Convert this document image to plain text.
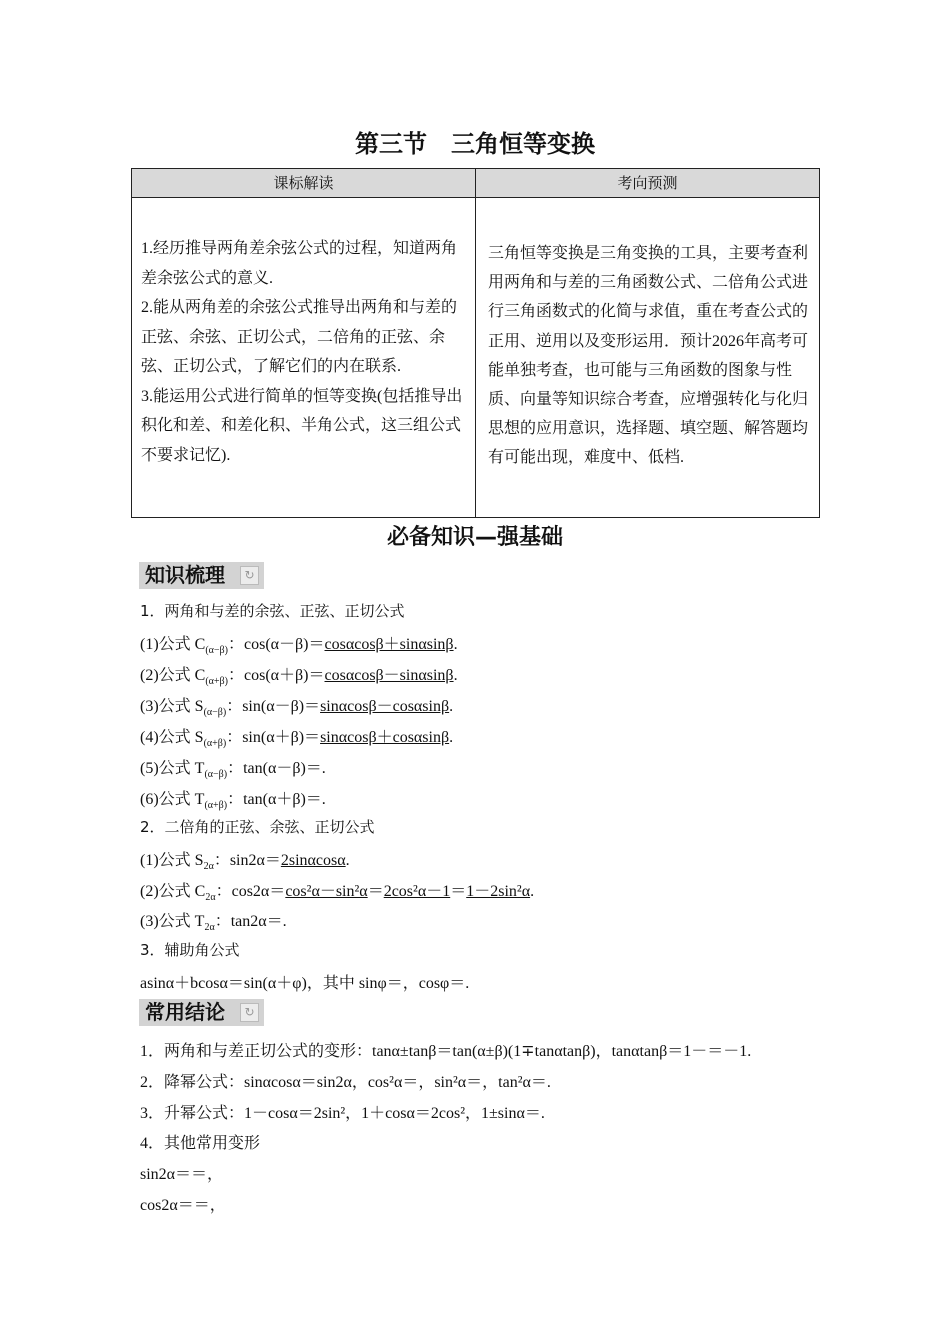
第三节　三角恒等变换
课标解读	考向预测
1.经历推导两角差余弦公式的过程，知道两角差余弦公式的意义.
2.能从两角差的余弦公式推导出两角和与差的正弦、余弦、正切公式，二倍角的正弦、余弦、正切公式，了解它们的内在联系.
3.能运用公式进行简单的恒等变换(包括推导出积化和差、和差化积、半角公式，这三组公式不要求记忆).
三角恒等变换是三角变换的工具，主要考查利用两角和与差的三角函数公式、二倍角公式进行三角函数式的化简与求值，重在考查公式的正用、逆用以及变形运用．预计2026年高考可能单独考查，也可能与三角函数的图象与性质、向量等知识综合考查，应增强转化与化归思想的应用意识，选择题、填空题、解答题均有可能出现，难度中、低档.
必备知识—强基础
知识梳理	↻
1．两角和与差的余弦、正弦、正切公式
(1)公式 $C_{(\alpha-\beta)}$：cos(α－β)＝cosαcosβ＋sinαsinβ.
(2)公式 $C_{(\alpha+\beta)}$：cos(α＋β)＝cosαcosβ－sinαsinβ.
(3)公式 $S_{(\alpha-\beta)}$：sin(α－β)＝sinαcosβ－cosαsinβ.
(4)公式 $S_{(\alpha+\beta)}$：sin(α＋β)＝sinαcosβ＋cosαsinβ.
(5)公式 $T_{(\alpha-\beta)}$：tan(α－β)＝.
(6)公式 $T_{(\alpha+\beta)}$：tan(α＋β)＝.
2．二倍角的正弦、余弦、正切公式
(1)公式 $S_{2\alpha}$：sin2α＝2sinαcosα.
(2)公式 $C_{2\alpha}$：cos2α＝cos²α－sin²α＝2cos²α－1＝1－2sin²α.
(3)公式 $T_{2\alpha}$：tan2α＝.
3．辅助角公式
asinα＋bcosα＝sin(α＋φ)，其中 sinφ＝，cosφ＝.
常用结论	↻
1．两角和与差正切公式的变形：tanα±tanβ＝tan(α±β)(1∓tanαtanβ)，tanαtanβ＝1－＝－1.
2．降幂公式：sinαcosα＝sin2α，cos²α＝，sin²α＝，tan²α＝.
3．升幂公式：1－cosα＝2sin²，1＋cosα＝2cos²，1±sinα＝.
4．其他常用变形
sin2α＝＝，
cos2α＝＝，
